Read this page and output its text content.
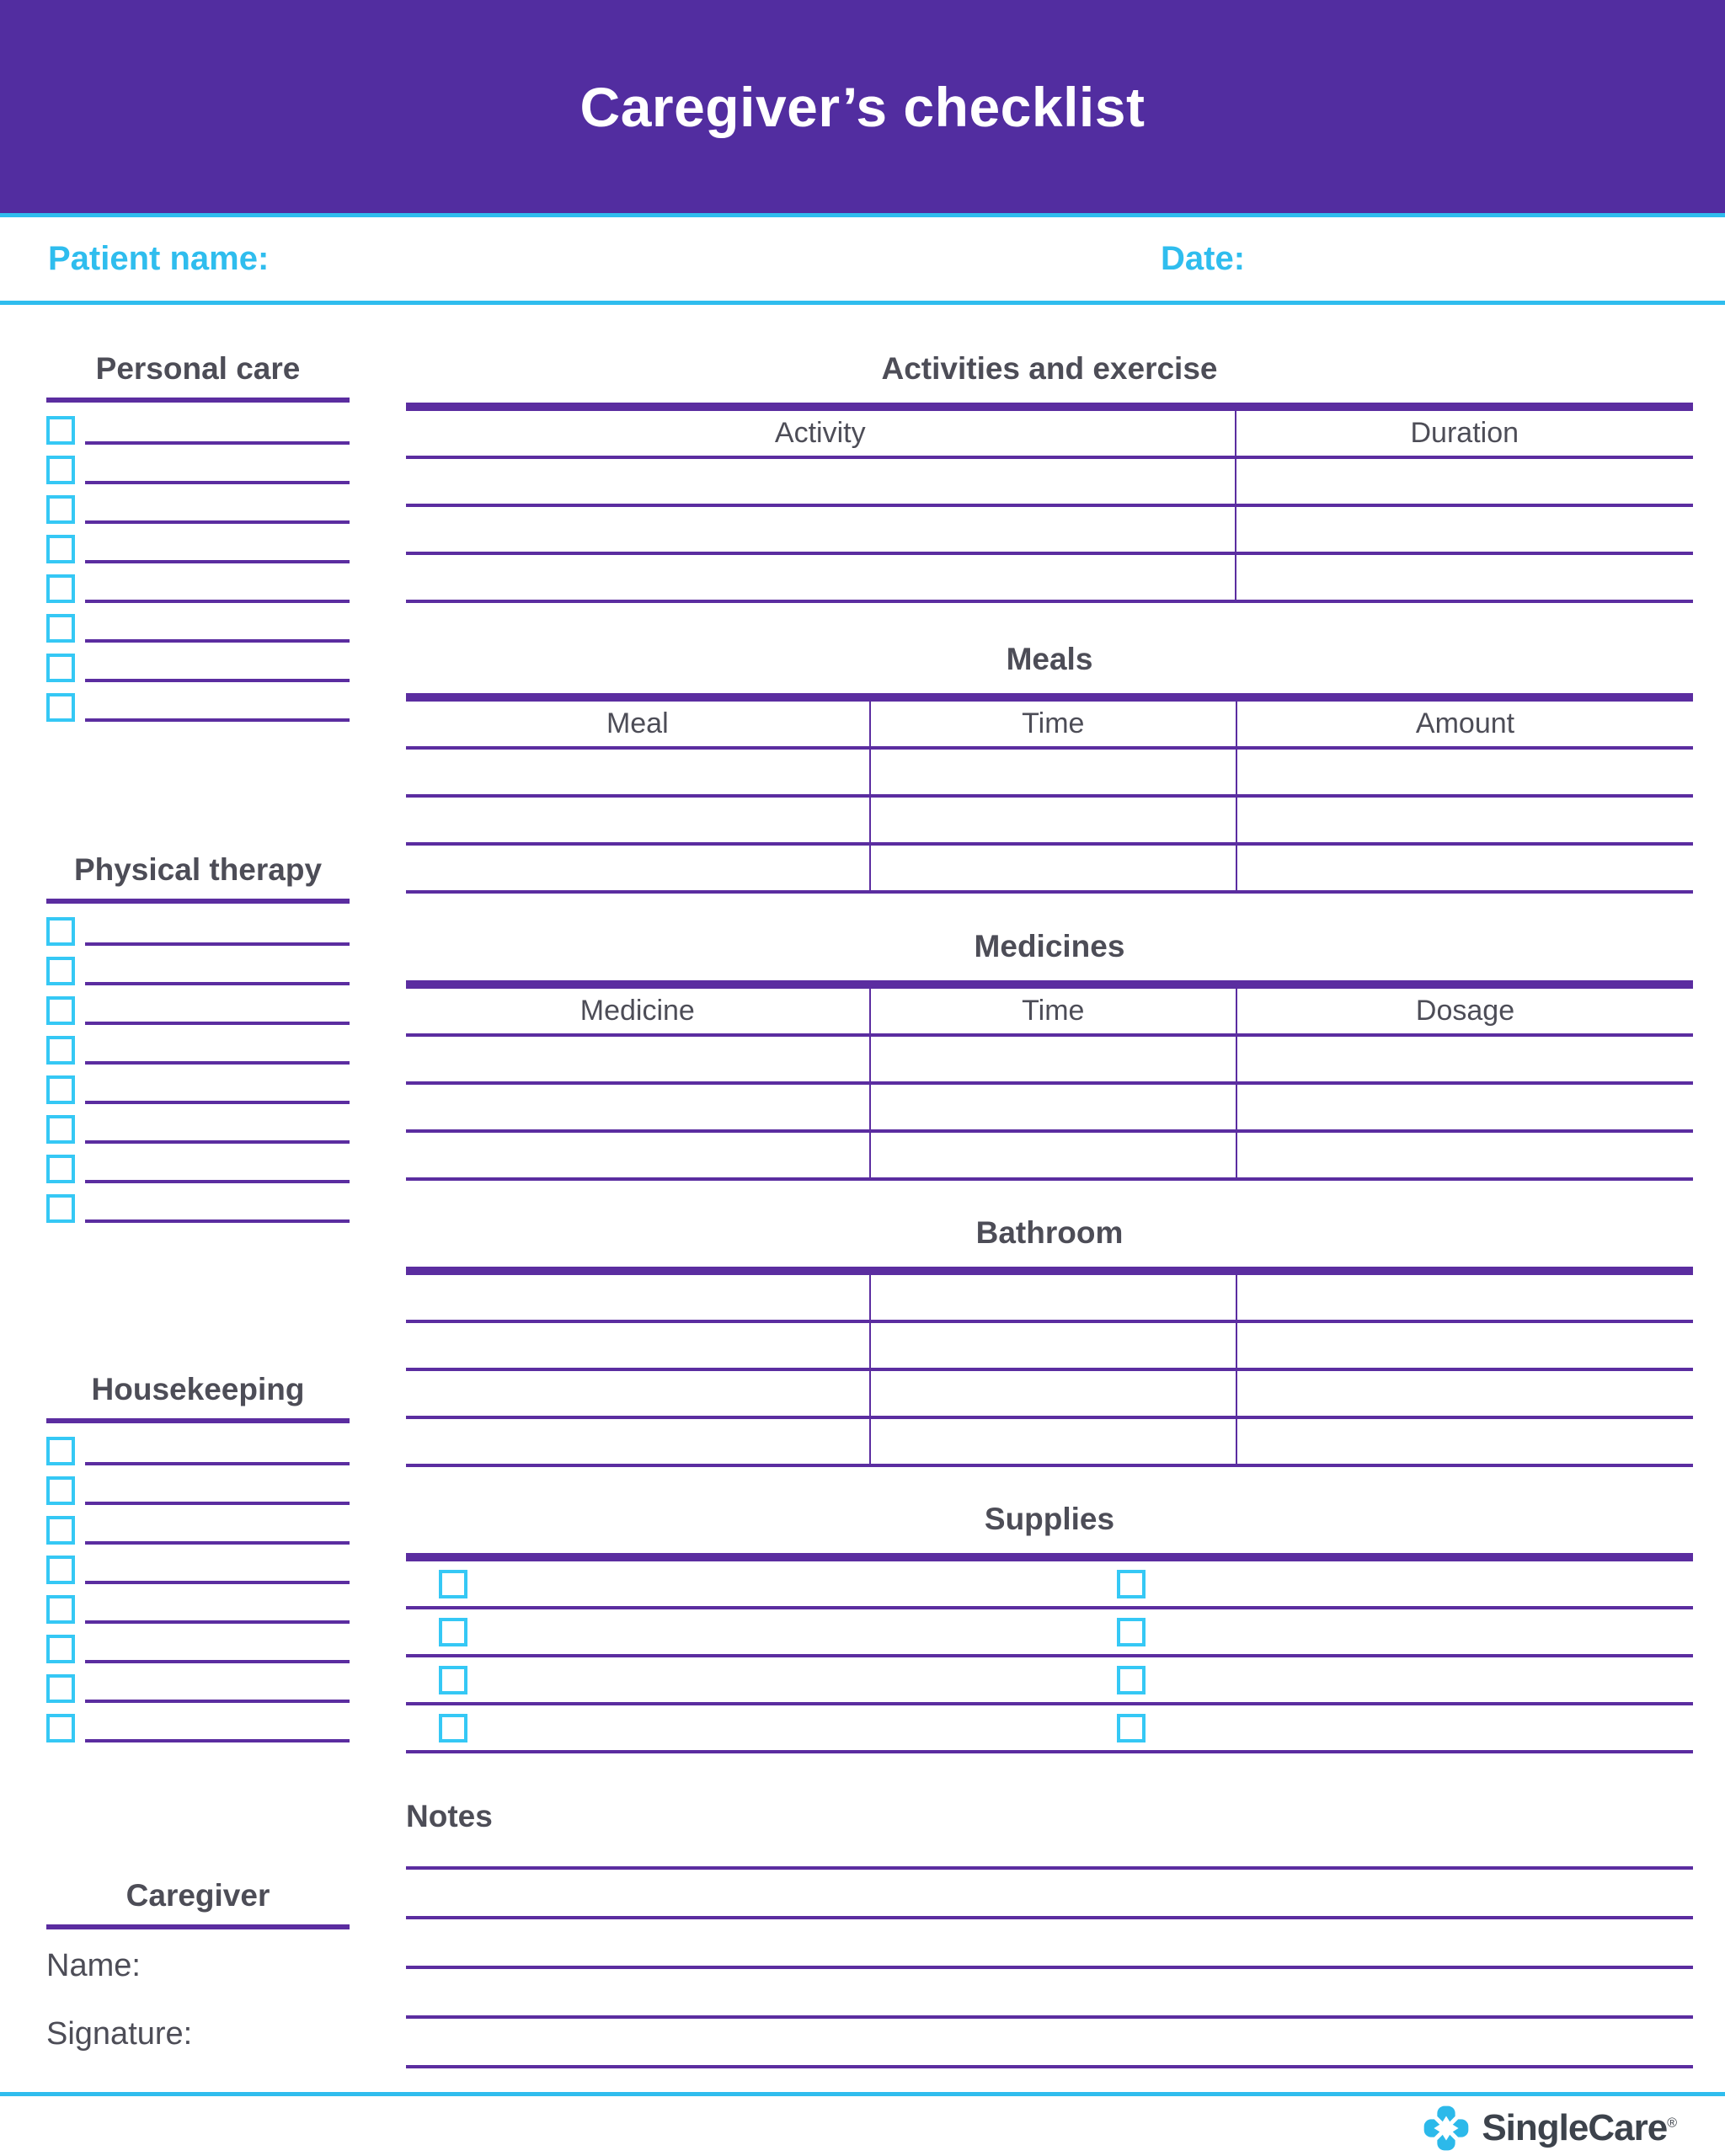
Caregiver’s checklist
Patient name:	Date:
Personal care
Physical therapy
Housekeeping
Caregiver
Name:
Signature:
Activities and exercise
Activity	Duration
Meals
Meal	Time	Amount
Medicines
Medicine	Time	Dosage
Bathroom
Supplies
Notes
SingleCare®
